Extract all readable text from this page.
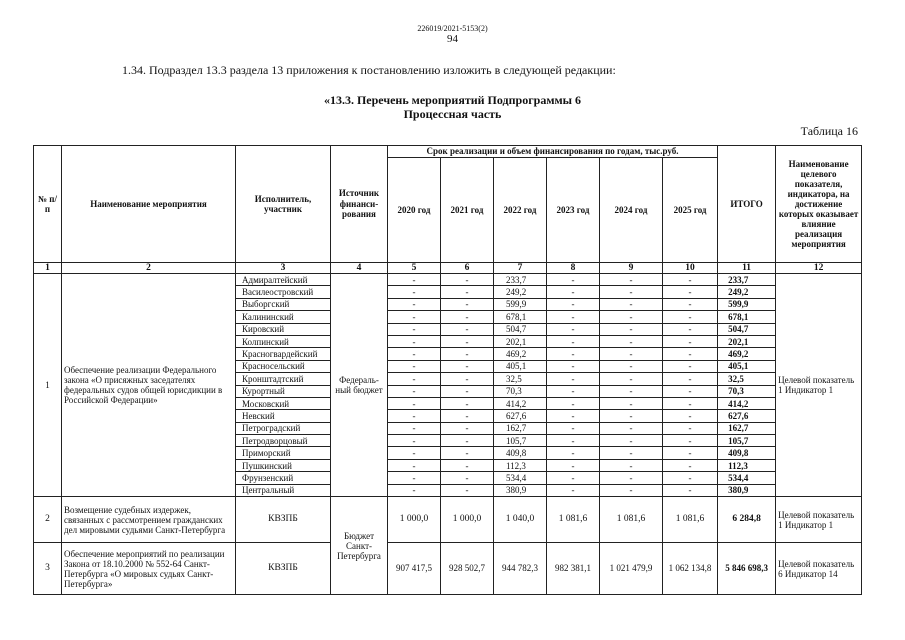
226019/2021-5153(2)
94
1.34. Подраздел 13.3 раздела 13 приложения к постановлению изложить в следующей редакции:
«13.3. Перечень мероприятий Подпрограммы 6
Процессная часть
Таблица 16
№ п/п	Наименование мероприятия	Исполнитель, участник	Источник финанси-рования	Срок реализации и объем финансирования по годам, тыс.руб.						ИТОГО	Наименование целевого показателя, индикатора, на достижение которых оказывает влияние реализация мероприятия
				2020 год	2021 год	2022 год	2023 год	2024 год	2025 год		
1	2	3	4	5	6	7	8	9	10	11	12
1	Обеспечение реализации Федерального закона «О присяжных заседателях федеральных судов общей юрисдикции в Российской Федерации»	Адмиралтейский	Федераль-ный бюджет	-	-	233,7	-	-	-	233,7	Целевой показатель 1 Индикатор 1
		Василеостровский		-	-	249,2	-	-	-	249,2	
		Выборгский		-	-	599,9	-	-	-	599,9	
		Калининский		-	-	678,1	-	-	-	678,1	
		Кировский		-	-	504,7	-	-	-	504,7	
		Колпинский		-	-	202,1	-	-	-	202,1	
		Красногвардейский		-	-	469,2	-	-	-	469,2	
		Красносельский		-	-	405,1	-	-	-	405,1	
		Кронштадтский		-	-	32,5	-	-	-	32,5	
		Курортный		-	-	70,3	-	-	-	70,3	
		Московский		-	-	414,2	-	-	-	414,2	
		Невский		-	-	627,6	-	-	-	627,6	
		Петроградский		-	-	162,7	-	-	-	162,7	
		Петродворцовый		-	-	105,7	-	-	-	105,7	
		Приморский		-	-	409,8	-	-	-	409,8	
		Пушкинский		-	-	112,3	-	-	-	112,3	
		Фрунзенский		-	-	534,4	-	-	-	534,4	
		Центральный		-	-	380,9	-	-	-	380,9	
2	Возмещение судебных издержек, связанных с рассмотрением гражданских дел мировыми судьями Санкт-Петербурга	КВЗПБ	Бюджет Санкт-Петербурга	1 000,0	1 000,0	1 040,0	1 081,6	1 081,6	1 081,6	6 284,8	Целевой показатель 1 Индикатор 1
3	Обеспечение мероприятий по реализации Закона от 18.10.2000 № 552-64 Санкт-Петербурга «О мировых судьях Санкт-Петербурга»	КВЗПБ		907 417,5	928 502,7	944 782,3	982 381,1	1 021 479,9	1 062 134,8	5 846 698,3	Целевой показатель 6 Индикатор 14
